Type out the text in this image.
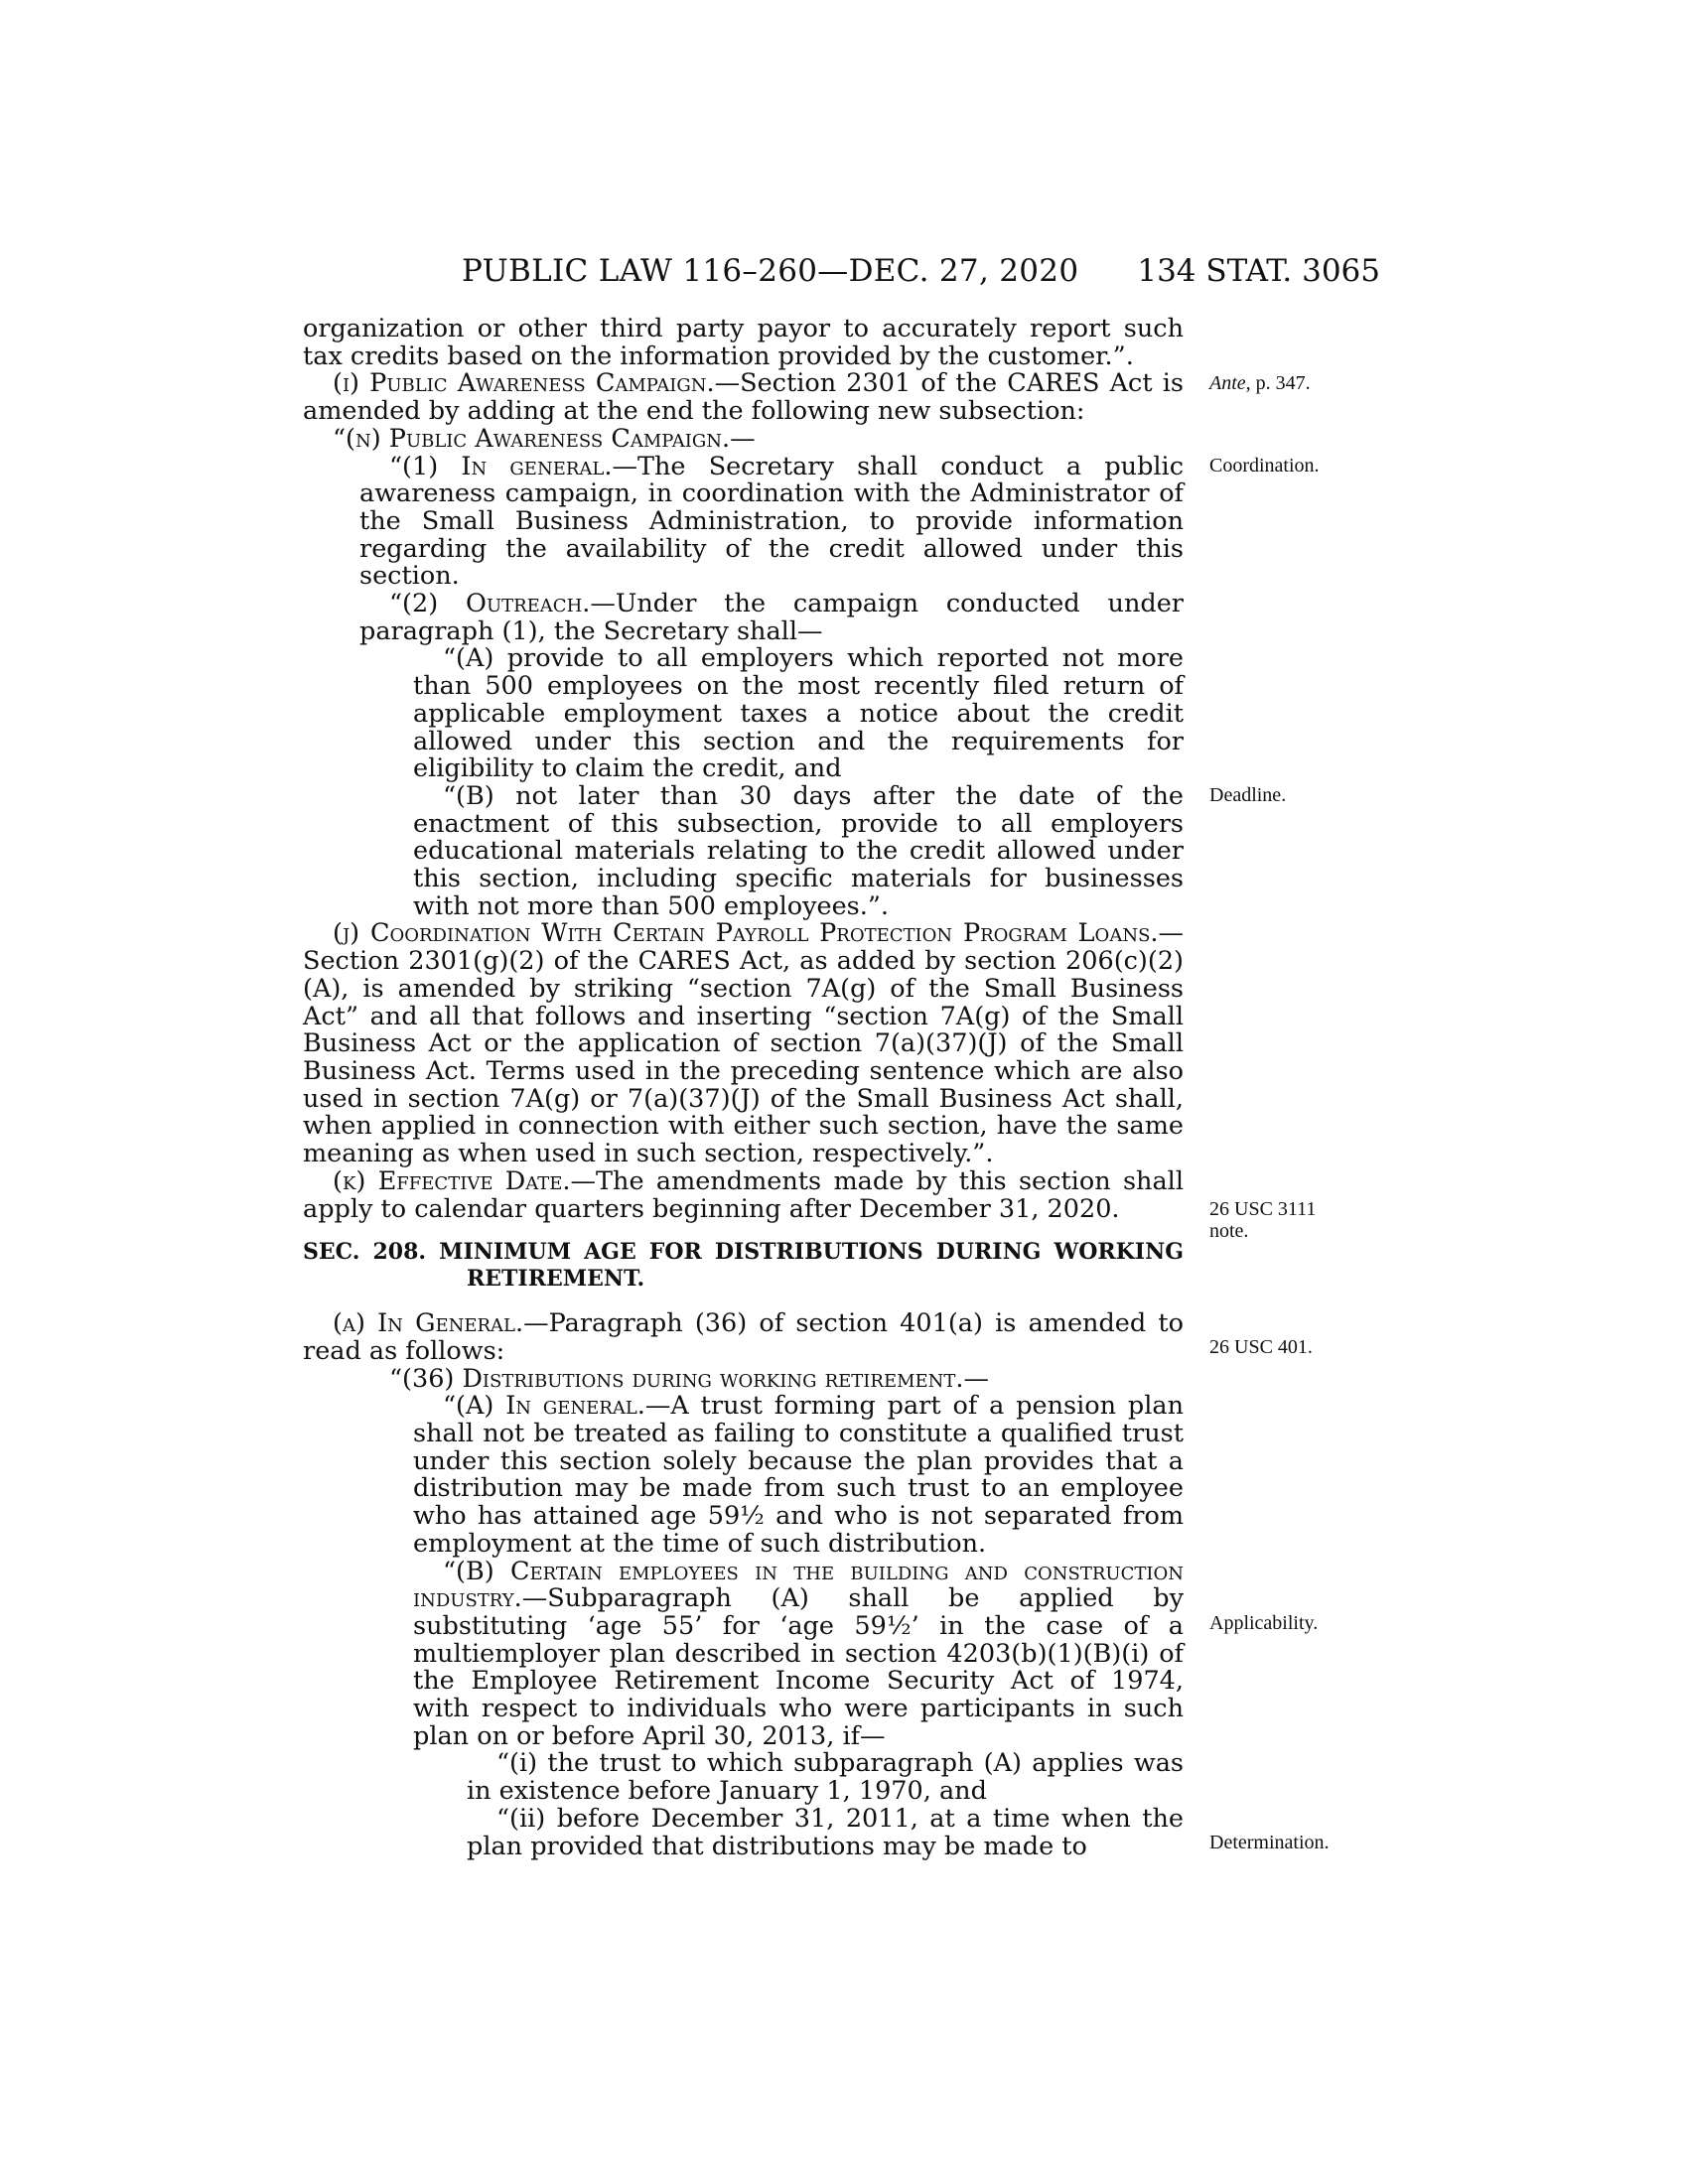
PUBLIC LAW 116–260—DEC. 27, 2020 134 STAT. 3065

organization or other third party payor to accurately report such tax credits based on the information provided by the customer.”.

(i) Public Awareness Campaign.—Section 2301 of the CARES Act is amended by adding at the end the following new subsection:

“(n) Public Awareness Campaign.—

“(1) In general.—The Secretary shall conduct a public awareness campaign, in coordination with the Administrator of the Small Business Administration, to provide information regarding the availability of the credit allowed under this section.

“(2) Outreach.—Under the campaign conducted under paragraph (1), the Secretary shall—

“(A) provide to all employers which reported not more than 500 employees on the most recently filed return of applicable employment taxes a notice about the credit allowed under this section and the requirements for eligibility to claim the credit, and

“(B) not later than 30 days after the date of the enactment of this subsection, provide to all employers educational materials relating to the credit allowed under this section, including specific materials for businesses with not more than 500 employees.”.

(j) Coordination With Certain Payroll Protection Program Loans.—Section 2301(g)(2) of the CARES Act, as added by section 206(c)(2)(A), is amended by striking “section 7A(g) of the Small Business Act” and all that follows and inserting “section 7A(g) of the Small Business Act or the application of section 7(a)(37)(J) of the Small Business Act. Terms used in the preceding sentence which are also used in section 7A(g) or 7(a)(37)(J) of the Small Business Act shall, when applied in connection with either such section, have the same meaning as when used in such section, respectively.”.

(k) Effective Date.—The amendments made by this section shall apply to calendar quarters beginning after December 31, 2020.

SEC. 208. MINIMUM AGE FOR DISTRIBUTIONS DURING WORKING RETIREMENT.

(a) In General.—Paragraph (36) of section 401(a) is amended to read as follows:

“(36) Distributions during working retirement.—

“(A) In general.—A trust forming part of a pension plan shall not be treated as failing to constitute a qualified trust under this section solely because the plan provides that a distribution may be made from such trust to an employee who has attained age 59½ and who is not separated from employment at the time of such distribution.

“(B) Certain employees in the building and construction industry.—Subparagraph (A) shall be applied by substituting ‘age 55’ for ‘age 59½’ in the case of a multiemployer plan described in section 4203(b)(1)(B)(i) of the Employee Retirement Income Security Act of 1974, with respect to individuals who were participants in such plan on or before April 30, 2013, if—

“(i) the trust to which subparagraph (A) applies was in existence before January 1, 1970, and

“(ii) before December 31, 2011, at a time when the plan provided that distributions may be made to

Ante, p. 347.
Coordination.
Deadline.
26 USC 3111
note.
26 USC 401.
Applicability.
Determination.
